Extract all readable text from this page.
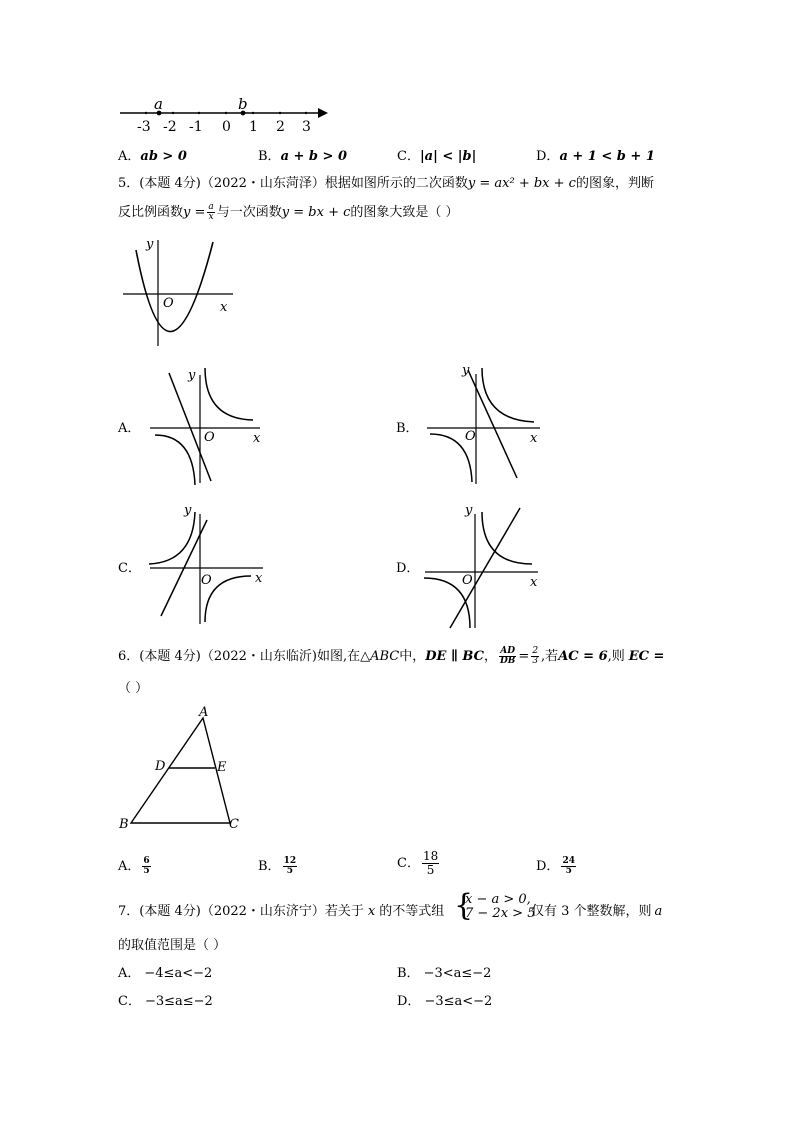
a	b
-3 -2 -1 0 1 2 3
A．ab > 0	B．a + b > 0	C．|a| < |b|	D．a + 1 < b + 1
5．(本题 4分)（2022・山东菏泽）根据如图所示的二次函数y = ax² + bx + c的图象，判断
反比例函数$y = \frac{a}{x}$ 与一次函数y = bx + c的图象大致是（ ）
y
x
O
A．
y
x
O
B．
y
x
O
C．
y
x
O
D．
y
x
O
6．(本题 4分)（2022・山东临沂)如图,在△ABC中，DE ∥ BC， $\frac{AD}{DB} = \frac{2}{3}$ ,若AC = 6,则 EC =
（ ）
A
B	C
D	E
A． $\frac{6}{5}$	B． $\frac{12}{5}$	C． $\frac{18}{5}$	D． $\frac{24}{5}$
7．(本题 4分)（2022・山东济宁）若关于 x 的不等式组 {
x − a > 0,
7 − 2x > 5
仅有 3 个整数解，则 a
的取值范围是（ ）
A． −4≤a<−2	B． −3<a≤−2
C． −3≤a≤−2	D． −3≤a<−2
